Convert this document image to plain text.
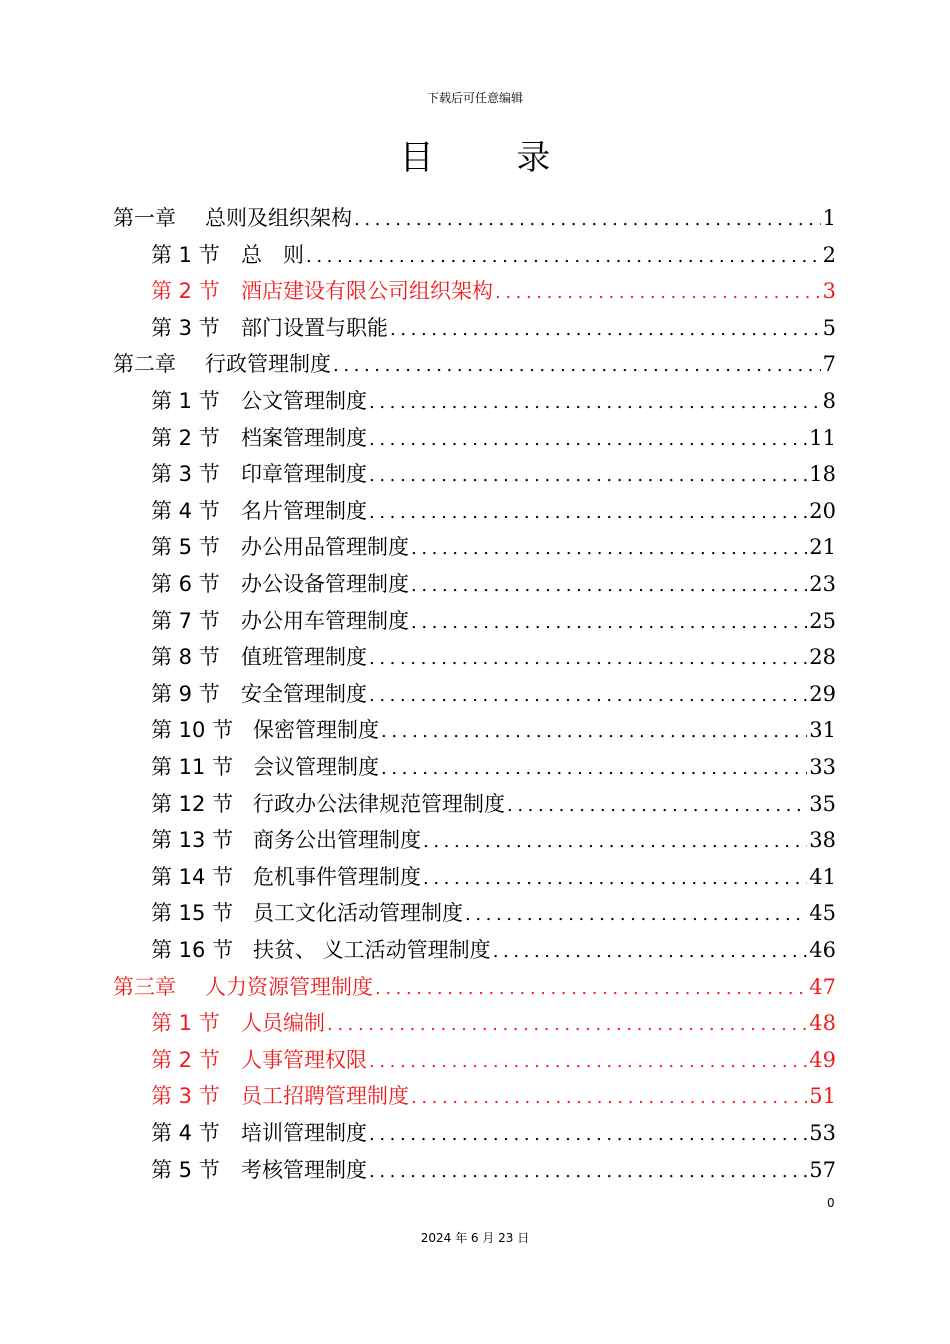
下载后可任意编辑
目 录
第一章	总则及组织架构 .....	1
第 1 节	总　则 .....	2
第 2 节	酒店建设有限公司组织架构 .....	3
第 3 节	部门设置与职能 .....	5
第二章	行政管理制度 .....	7
第 1 节	公文管理制度 .....	8
第 2 节	档案管理制度 .....	11
第 3 节	印章管理制度 .....	18
第 4 节	名片管理制度 .....	20
第 5 节	办公用品管理制度 .....	21
第 6 节	办公设备管理制度 .....	23
第 7 节	办公用车管理制度 .....	25
第 8 节	值班管理制度 .....	28
第 9 节	安全管理制度 .....	29
第 10 节 保密管理制度 .....	31
第 11 节 会议管理制度 .....	33
第 12 节 行政办公法律规范管理制度 .....	35
第 13 节 商务公出管理制度 .....	38
第 14 节 危机事件管理制度 .....	41
第 15 节 员工文化活动管理制度 .....	45
第 16 节 扶贫、 义工活动管理制度 .....	46
第三章	人力资源管理制度 .....	47
第 1 节	人员编制 .....	48
第 2 节	人事管理权限 .....	49
第 3 节	员工招聘管理制度 .....	51
第 4 节	培训管理制度 .....	53
第 5 节	考核管理制度 .....	57
0
2024 年 6 月 23 日
